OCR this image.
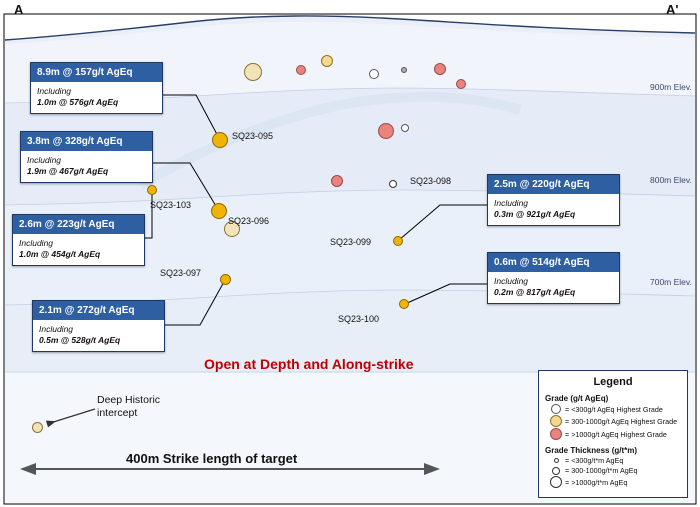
A	A'
900m Elev.
800m Elev.
700m Elev.
8.9m @ 157g/t AgEq
Including
1.0m @ 576g/t AgEq
3.8m @ 328g/t AgEq
Including
1.9m @ 467g/t AgEq
2.6m @ 223g/t AgEq
Including
1.0m @ 454g/t AgEq
2.1m @ 272g/t AgEq
Including
0.5m @ 528g/t AgEq
2.5m @ 220g/t AgEq
Including
0.3m @ 921g/t AgEq
0.6m @ 514g/t AgEq
Including
0.2m @ 817g/t AgEq
SQ23-095
SQ23-103
SQ23-096
SQ23-098
SQ23-099
SQ23-097
SQ23-100
Open at Depth and Along-strike
Deep Historic
intercept
400m Strike length of target
Legend
Grade (g/t AgEq)
= <300g/t AgEq Highest Grade
= 300-1000g/t AgEq Highest Grade
= >1000g/t AgEq Highest Grade
Grade Thickness (g/t*m)
= <300g/t*m AgEq
= 300-1000g/t*m AgEq
= >1000g/t*m AgEq
